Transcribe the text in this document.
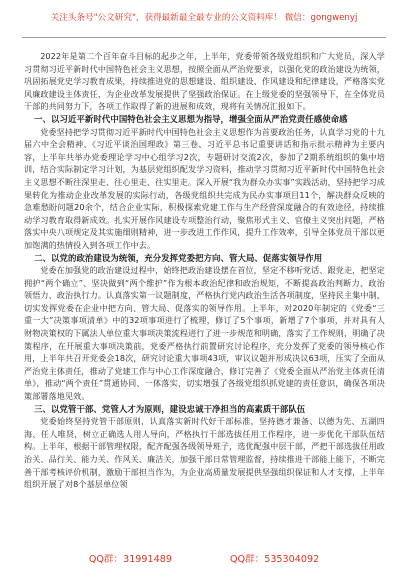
关注头条号"公文研究"，获得最新最全最专业的公文资料库！ 微信：gongwenyj

2022年是第二个百年奋斗目标的起步之年，上半年，党委带领各级党组织和广大党员，深入学习贯彻习近平新时代中国特色社会主义思想，按照全面从严治党要求，以强化党的政治建设为统领，巩固拓展党史学习教育成果，持续推进党的思想建设、组织建设、作风建设和纪律建设，严格落实党风廉政建设主体责任，为企业改革发展提供了坚强政治保证。在上级党委的坚强领导下，在全体党员干部的共同努力下，各项工作取得了新的进展和成效，现将有关情况汇报如下。

一、以习近平新时代中国特色社会主义思想为指导，增强全面从严治党责任感使命感

党委坚持把学习贯彻习近平新时代中国特色社会主义思想作为首要政治任务，认真学习党的十九届六中全会精神、《习近平谈治国理政》第三卷、习近平总书记重要讲话和指示批示精神为主要内容，上半年共举办党委理论学习中心组学习2次，专题研讨交流2次，参加了2期系统组织的集中培训，结合实际制定学习计划，为基层党组织配发学习资料，推动学习贯彻习近平新时代中国特色社会主义思想不断往深里走、往心里走、往实里走。深入开展“我为群众办实事”实践活动，坚持把学习成果转化为推动企业改革发展的实际行动，各级党组织共完成为民办实事项目11个，解决群众反映的急难愁盼问题20余个，结合企业实际，积极探索党建工作与生产经营深度融合的有效途径，持续推动学习教育取得新成效。扎实开展作风建设专项整治行动，聚焦形式主义、官僚主义突出问题，严格落实中央八项规定及其实施细则精神，进一步改进工作作风，提升工作效率，引导全体党员干部以更加饱满的热情投入到各项工作中去。

二、以党的政治建设为统领，充分发挥党委把方向、管大局、促落实领导作用

党委在加强党的政治建设过程中，始终把政治建设摆在首位，坚定不移听党话、跟党走，把坚定拥护“两个确立”、坚决做到“两个维护”作为根本政治纪律和政治规矩，不断提高政治判断力、政治领悟力、政治执行力。认真落实第一议题制度，严格执行党内政治生活各项制度，坚持民主集中制，切实发挥党委在企业中把方向、管大局、促落实的领导作用。上半年，对2020年制定的《党委“三重一大”决策事项清单》中的32项事项进行了梳理，修订了5个事项，新增了7个事项，并对具有人财物决策权的下属法人单位重大事项决策流程进行了进一步规范和明确，落实了工作规则，明确了决策程序，在开展重大事项决策前，党委严格执行前置研究讨论程序，充分发挥了党委的领导核心作用，上半年共召开党委会18次，研究讨论重大事项43项，审议议题并形成决议63项，压实了全面从严治党主体责任，推动了党建工作与中心工作深度融合，修订完善了《党委全面从严治党主体责任清单》，推动“两个责任”贯通协同、一体落实，切实增强了各级党组织抓党建的责任意识，确保各项决策部署落地见效。

三、以党管干部、党管人才为原则，建设忠诚干净担当的高素质干部队伍

党委始终坚持党管干部原则，认真落实新时代好干部标准，坚持德才兼备、以德为先、五湖四海、任人唯贤，树立正确选人用人导向，严格执行干部选拔任用工作程序，进一步优化干部队伍结构。上半年，根据干部管理权限，配齐配强各级领导班子，选优配强中层干部，严把干部选拔任用政治关、品行关、能力关、作风关、廉洁关，加强干部日常管理监督，持续推进干部能上能下，不断完善干部考核评价机制，激励干部担当作为，为企业高质量发展提供坚强组织保证和人才支撑，上半年组织开展了对8个基层单位领

QQ群：31991489	QQ群：535304092
